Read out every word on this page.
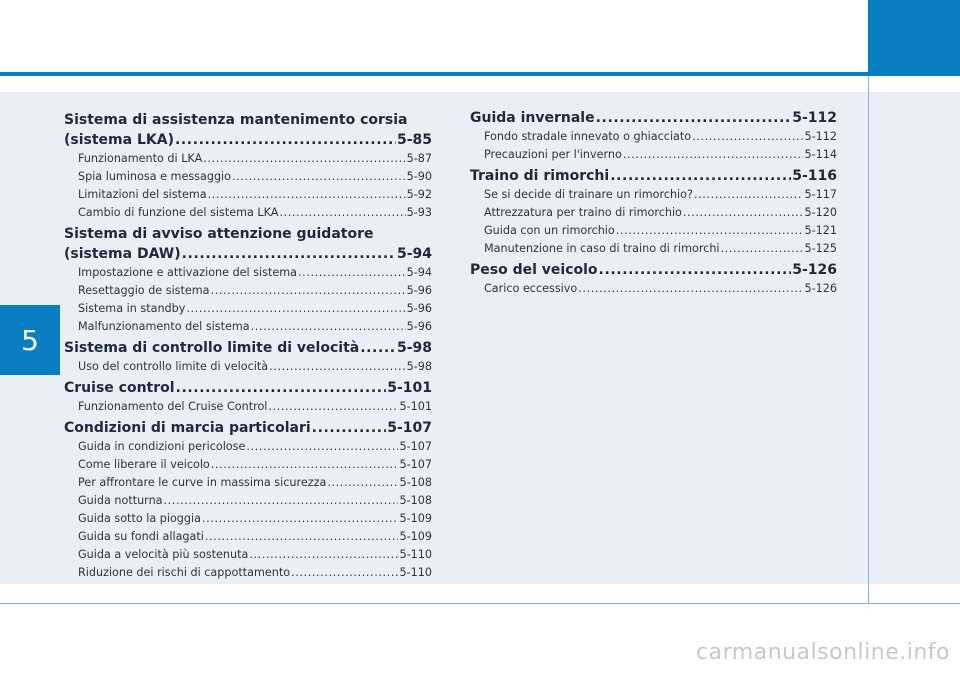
5
Sistema di assistenza mantenimento corsia
(sistema LKA) .....	5-85
Funzionamento di LKA .....	5-87
Spia luminosa e messaggio .....	5-90
Limitazioni del sistema .....	5-92
Cambio di funzione del sistema LKA .....	5-93
Sistema di avviso attenzione guidatore
(sistema DAW) .....	5-94
Impostazione e attivazione del sistema .....	5-94
Resettaggio de sistema .....	5-96
Sistema in standby .....	5-96
Malfunzionamento del sistema .....	5-96
Sistema di controllo limite di velocità .....	5-98
Uso del controllo limite di velocità .....	5-98
Cruise control .....	5-101
Funzionamento del Cruise Control .....	5-101
Condizioni di marcia particolari .....	5-107
Guida in condizioni pericolose .....	5-107
Come liberare il veicolo .....	5-107
Per affrontare le curve in massima sicurezza .....	5-108
Guida notturna .....	5-108
Guida sotto la pioggia .....	5-109
Guida su fondi allagati .....	5-109
Guida a velocità più sostenuta .....	5-110
Riduzione dei rischi di cappottamento .....	5-110
Guida invernale .....	5-112
Fondo stradale innevato o ghiacciato .....	5-112
Precauzioni per l'inverno .....	5-114
Traino di rimorchi .....	5-116
Se si decide di trainare un rimorchio? .....	5-117
Attrezzatura per traino di rimorchio .....	5-120
Guida con un rimorchio .....	5-121
Manutenzione in caso di traino di rimorchi .....	5-125
Peso del veicolo .....	5-126
Carico eccessivo .....	5-126
carmanualsonline.info
